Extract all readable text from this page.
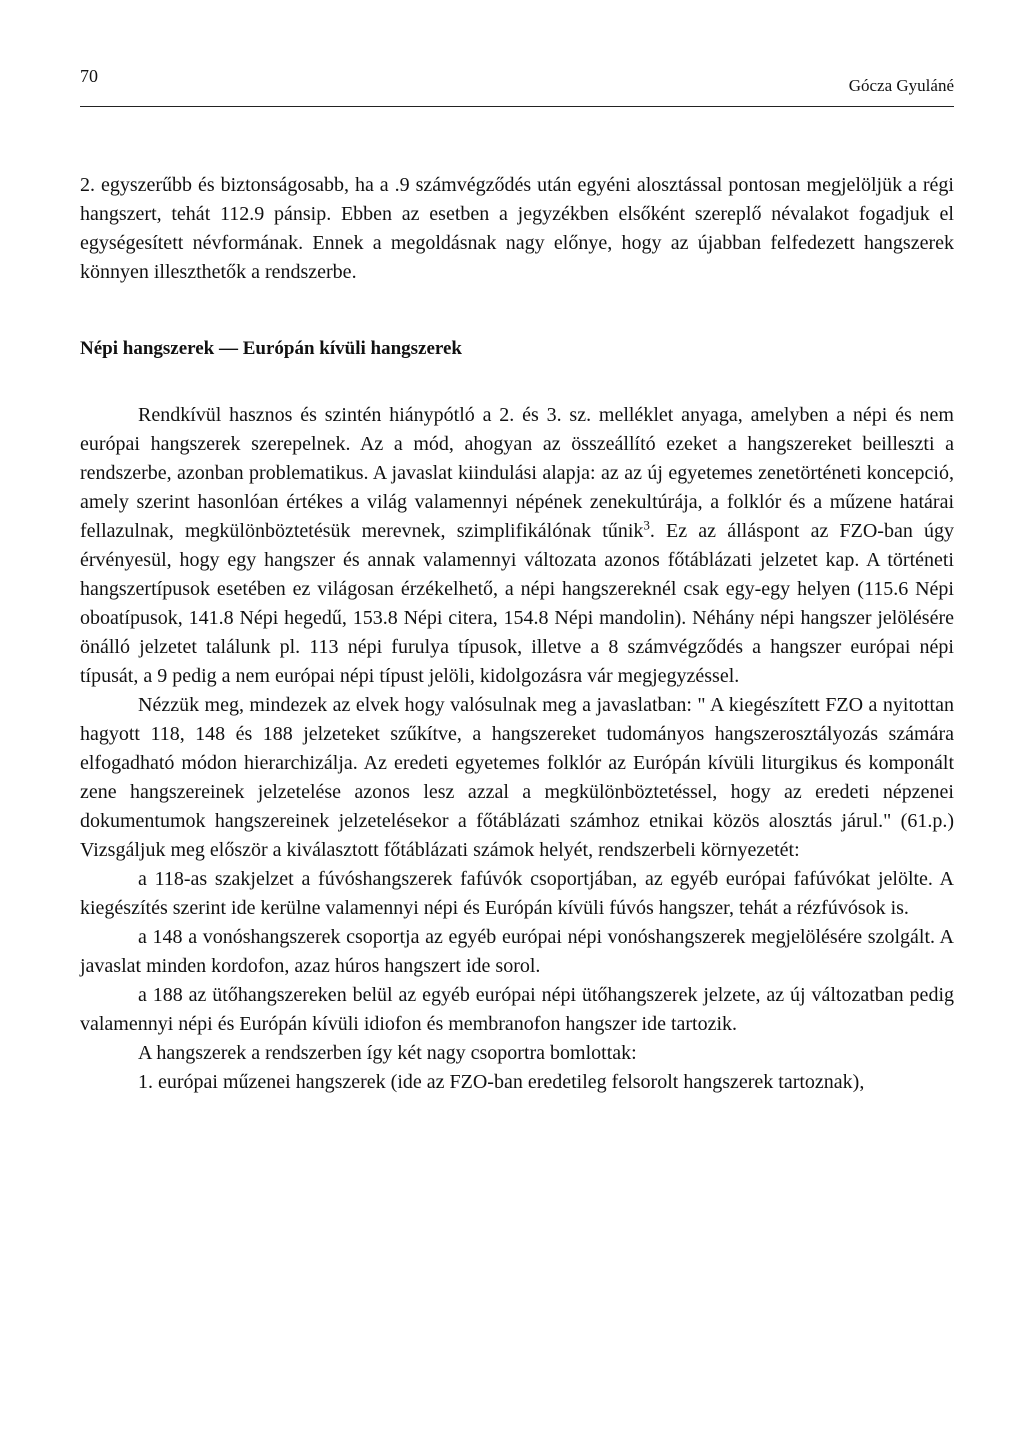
70	Gócza Gyuláné

2. egyszerűbb és biztonságosabb, ha a .9 számvégződés után egyéni alosztással pontosan megjelöljük a régi hangszert, tehát 112.9 pánsip. Ebben az esetben a jegyzékben elsőként szereplő névalakot fogadjuk el egységesített névformának. Ennek a megoldásnak nagy előnye, hogy az újabban felfedezett hangszerek könnyen illeszthetők a rendszerbe.

Népi hangszerek — Európán kívüli hangszerek

Rendkívül hasznos és szintén hiánypótló a 2. és 3. sz. melléklet anyaga, amelyben a népi és nem európai hangszerek szerepelnek. Az a mód, ahogyan az összeállító ezeket a hangszereket beilleszti a rendszerbe, azonban problematikus. A javaslat kiindulási alapja: az az új egyetemes zenetörténeti koncepció, amely szerint hasonlóan értékes a világ valamennyi népének zenekultúrája, a folklór és a műzene határai fellazulnak, megkülönböztetésük merevnek, szimplifikálónak tűnik$^3$. Ez az álláspont az FZO-ban úgy érvényesül, hogy egy hangszer és annak valamennyi változata azonos főtáblázati jelzetet kap. A történeti hangszertípusok esetében ez világosan érzékelhető, a népi hangszereknél csak egy-egy helyen (115.6 Népi oboatípusok, 141.8 Népi hegedű, 153.8 Népi citera, 154.8 Népi mandolin). Néhány népi hangszer jelölésére önálló jelzetet találunk pl. 113 népi furulya típusok, illetve a 8 számvégződés a hangszer európai népi típusát, a 9 pedig a nem európai népi típust jelöli, kidolgozásra vár megjegyzéssel.

Nézzük meg, mindezek az elvek hogy valósulnak meg a javaslatban: " A kiegészített FZO a nyitottan hagyott 118, 148 és 188 jelzeteket szűkítve, a hangszereket tudományos hangszerosztályozás számára elfogadható módon hierarchizálja. Az eredeti egyetemes folklór az Európán kívüli liturgikus és komponált zene hangszereinek jelzetelése azonos lesz azzal a megkülönböztetéssel, hogy az eredeti népzenei dokumentumok hangszereinek jelzetelésekor a főtáblázati számhoz etnikai közös alosztás járul." (61.p.) Vizsgáljuk meg először a kiválasztott főtáblázati számok helyét, rendszerbeli környezetét:

a 118-as szakjelzet a fúvóshangszerek fafúvók csoportjában, az egyéb európai fafúvókat jelölte. A kiegészítés szerint ide kerülne valamennyi népi és Európán kívüli fúvós hangszer, tehát a rézfúvósok is.

a 148 a vonóshangszerek csoportja az egyéb európai népi vonóshangszerek megjelölésére szolgált. A javaslat minden kordofon, azaz húros hangszert ide sorol.

a 188 az ütőhangszereken belül az egyéb európai népi ütőhangszerek jelzete, az új változatban pedig valamennyi népi és Európán kívüli idiofon és membranofon hangszer ide tartozik.

A hangszerek a rendszerben így két nagy csoportra bomlottak:

1. európai műzenei hangszerek (ide az FZO-ban eredetileg felsorolt hangszerek tartoznak),
